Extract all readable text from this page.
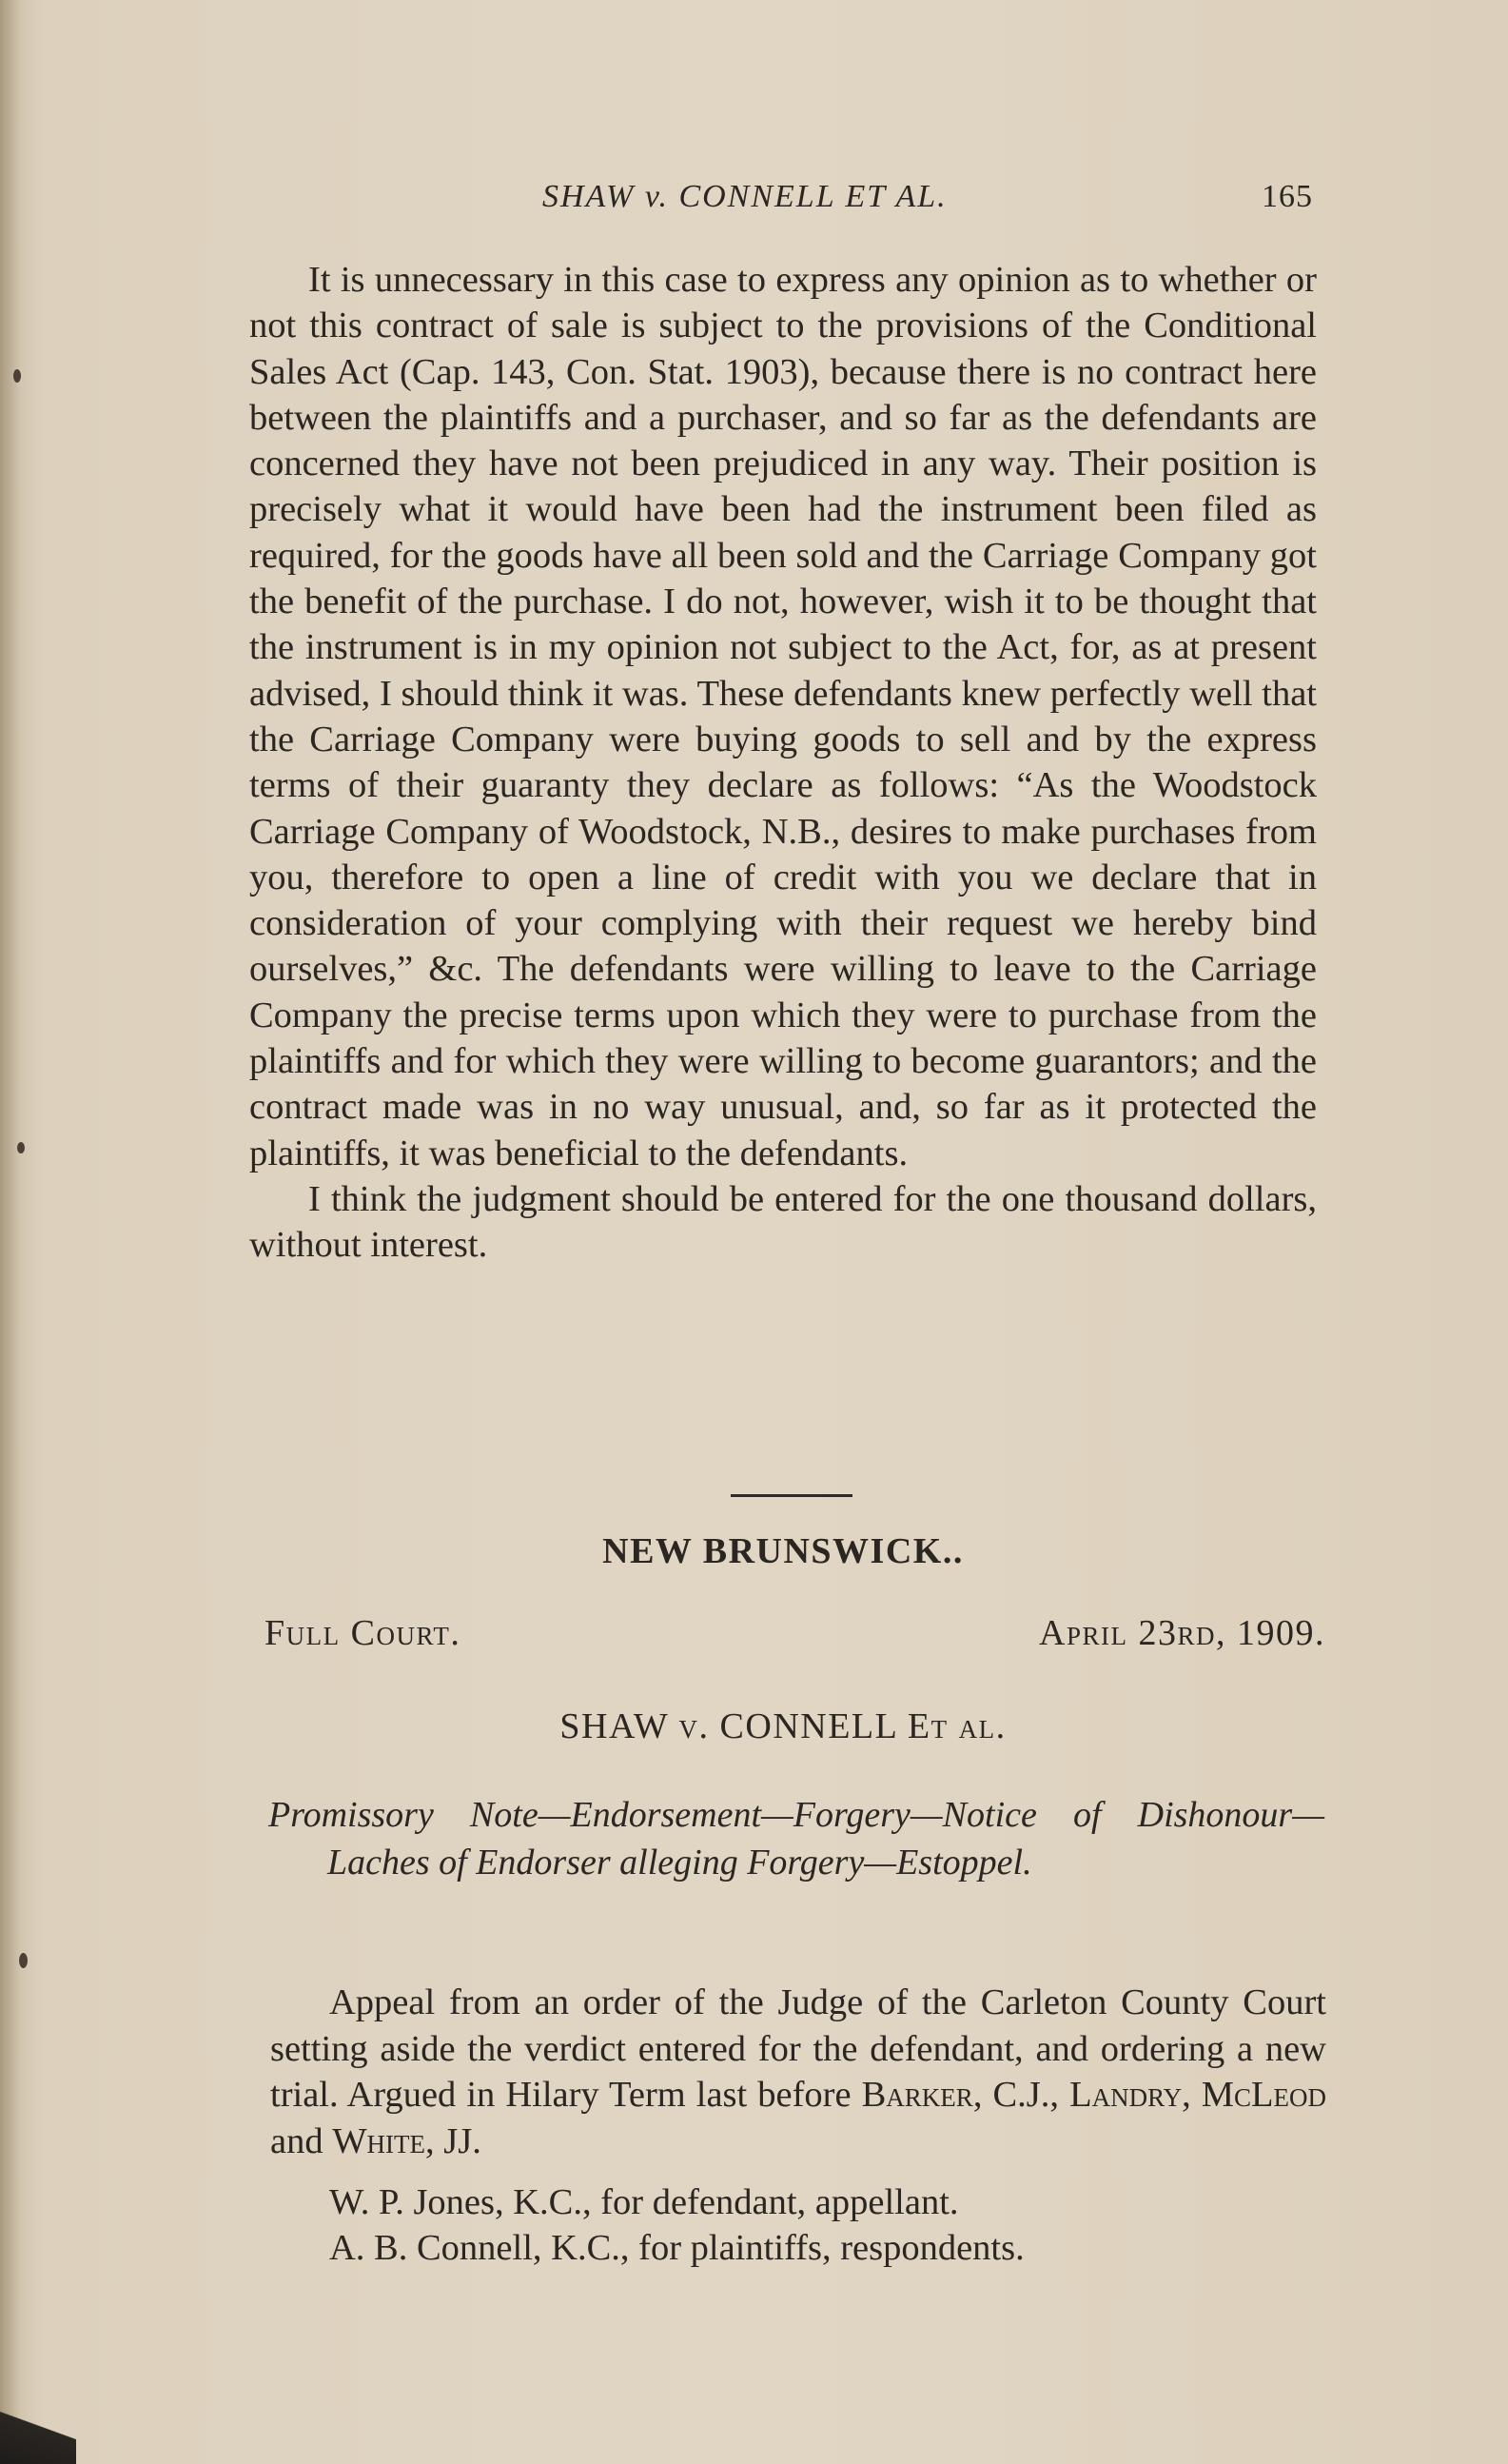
SHAW v. CONNELL ET AL.	165

It is unnecessary in this case to express any opinion as to whether or not this contract of sale is subject to the provisions of the Conditional Sales Act (Cap. 143, Con. Stat. 1903), because there is no contract here between the plaintiffs and a purchaser, and so far as the defendants are concerned they have not been prejudiced in any way. Their position is precisely what it would have been had the instrument been filed as required, for the goods have all been sold and the Carriage Company got the benefit of the purchase. I do not, however, wish it to be thought that the instrument is in my opinion not subject to the Act, for, as at present advised, I should think it was. These defendants knew perfectly well that the Carriage Company were buying goods to sell and by the express terms of their guaranty they declare as follows: “As the Woodstock Carriage Company of Woodstock, N.B., desires to make purchases from you, therefore to open a line of credit with you we declare that in consideration of your complying with their request we hereby bind ourselves,” &c. The defendants were willing to leave to the Carriage Company the precise terms upon which they were to purchase from the plaintiffs and for which they were willing to become guarantors; and the contract made was in no way unusual, and, so far as it protected the plaintiffs, it was beneficial to the defendants.

I think the judgment should be entered for the one thousand dollars, without interest.

NEW BRUNSWICK..
Full Court.	April 23rd, 1909.
SHAW v. CONNELL Et al.

Promissory Note—Endorsement—Forgery—Notice of Dishonour—Laches of Endorser alleging Forgery—Estoppel.

Appeal from an order of the Judge of the Carleton County Court setting aside the verdict entered for the defendant, and ordering a new trial. Argued in Hilary Term last before Barker, C.J., Landry, McLeod and White, JJ.

W. P. Jones, K.C., for defendant, appellant.
A. B. Connell, K.C., for plaintiffs, respondents.
